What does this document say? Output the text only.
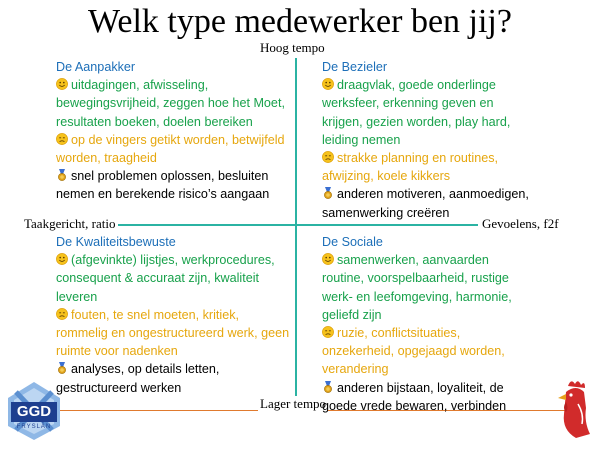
Welk type medewerker ben jij?
Hoog tempo
Lager tempo
Taakgericht, ratio	Gevoelens, f2f
De Aanpakker
uitdagingen, afwisseling, bewegingsvrijheid, zeggen hoe het Moet, resultaten boeken, doelen bereiken
op de vingers getikt worden, betwijfeld worden, traagheid
snel problemen oplossen, besluiten nemen en berekende risico’s aangaan
De Bezieler
draagvlak, goede onderlinge werksfeer, erkenning geven en krijgen, gezien worden, play hard, leiding nemen
strakke planning en routines, afwijzing, koele kikkers
anderen motiveren, aanmoedigen, samenwerking creëren
De Kwaliteitsbewuste
(afgevinkte) lijstjes, werkprocedures, consequent & accuraat zijn, kwaliteit leveren
fouten, te snel moeten, kritiek, rommelig en ongestructureerd werk, geen ruimte voor nadenken
analyses, op details letten, gestructureerd werken
De Sociale
samenwerken, aanvaarden routine, voorspelbaarheid, rustige werk- en leefomgeving, harmonie, geliefd zijn
ruzie, conflictsituaties, onzekerheid, opgejaagd worden, verandering
anderen bijstaan, loyaliteit, de goede vrede bewaren, verbinden
GGD
FRYSLÂN
